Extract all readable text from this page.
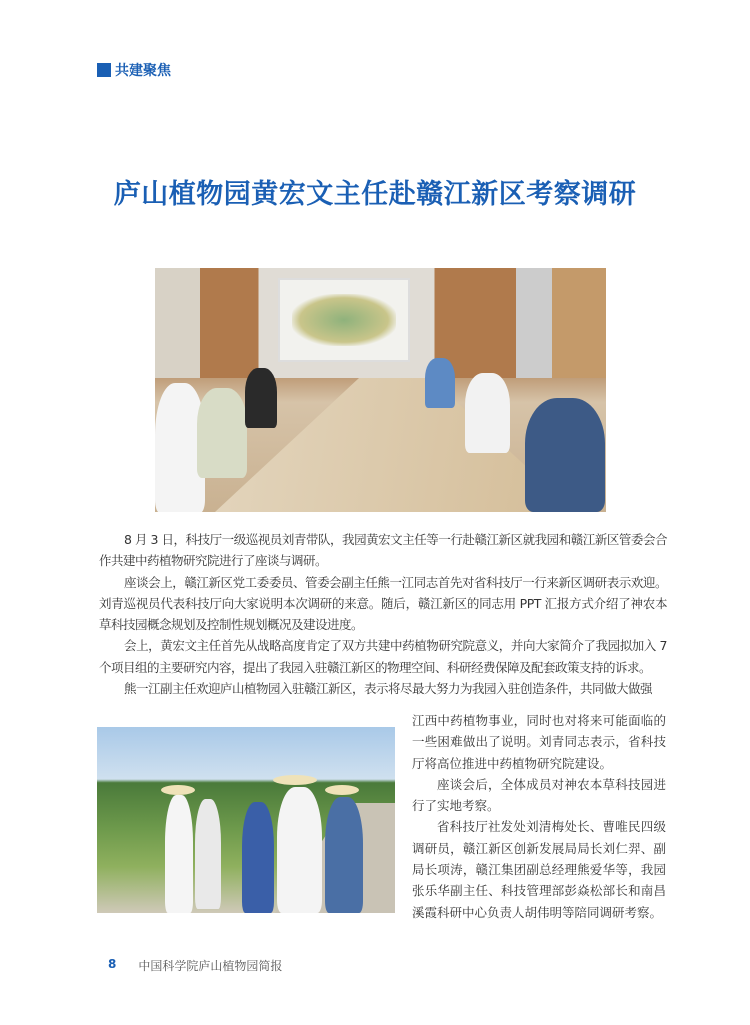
共建聚焦
庐山植物园黄宏文主任赴赣江新区考察调研

8 月 3 日，科技厅一级巡视员刘青带队，我园黄宏文主任等一行赴赣江新区就我园和赣江新区管委会合作共建中药植物研究院进行了座谈与调研。

座谈会上，赣江新区党工委委员、管委会副主任熊一江同志首先对省科技厅一行来新区调研表示欢迎。刘青巡视员代表科技厅向大家说明本次调研的来意。随后，赣江新区的同志用 PPT 汇报方式介绍了神农本草科技园概念规划及控制性规划概况及建设进度。

会上，黄宏文主任首先从战略高度肯定了双方共建中药植物研究院意义，并向大家简介了我园拟加入 7 个项目组的主要研究内容，提出了我园入驻赣江新区的物理空间、科研经费保障及配套政策支持的诉求。

熊一江副主任欢迎庐山植物园入驻赣江新区，表示将尽最大努力为我园入驻创造条件，共同做大做强

江西中药植物事业，同时也对将来可能面临的一些困难做出了说明。刘青同志表示，省科技厅将高位推进中药植物研究院建设。

座谈会后，全体成员对神农本草科技园进行了实地考察。

省科技厅社发处刘清梅处长、曹唯民四级调研员，赣江新区创新发展局局长刘仁羿、副局长项涛，赣江集团副总经理熊爱华等，我园张乐华副主任、科技管理部彭焱松部长和南昌溪霞科研中心负责人胡伟明等陪同调研考察。

8 中国科学院庐山植物园简报
